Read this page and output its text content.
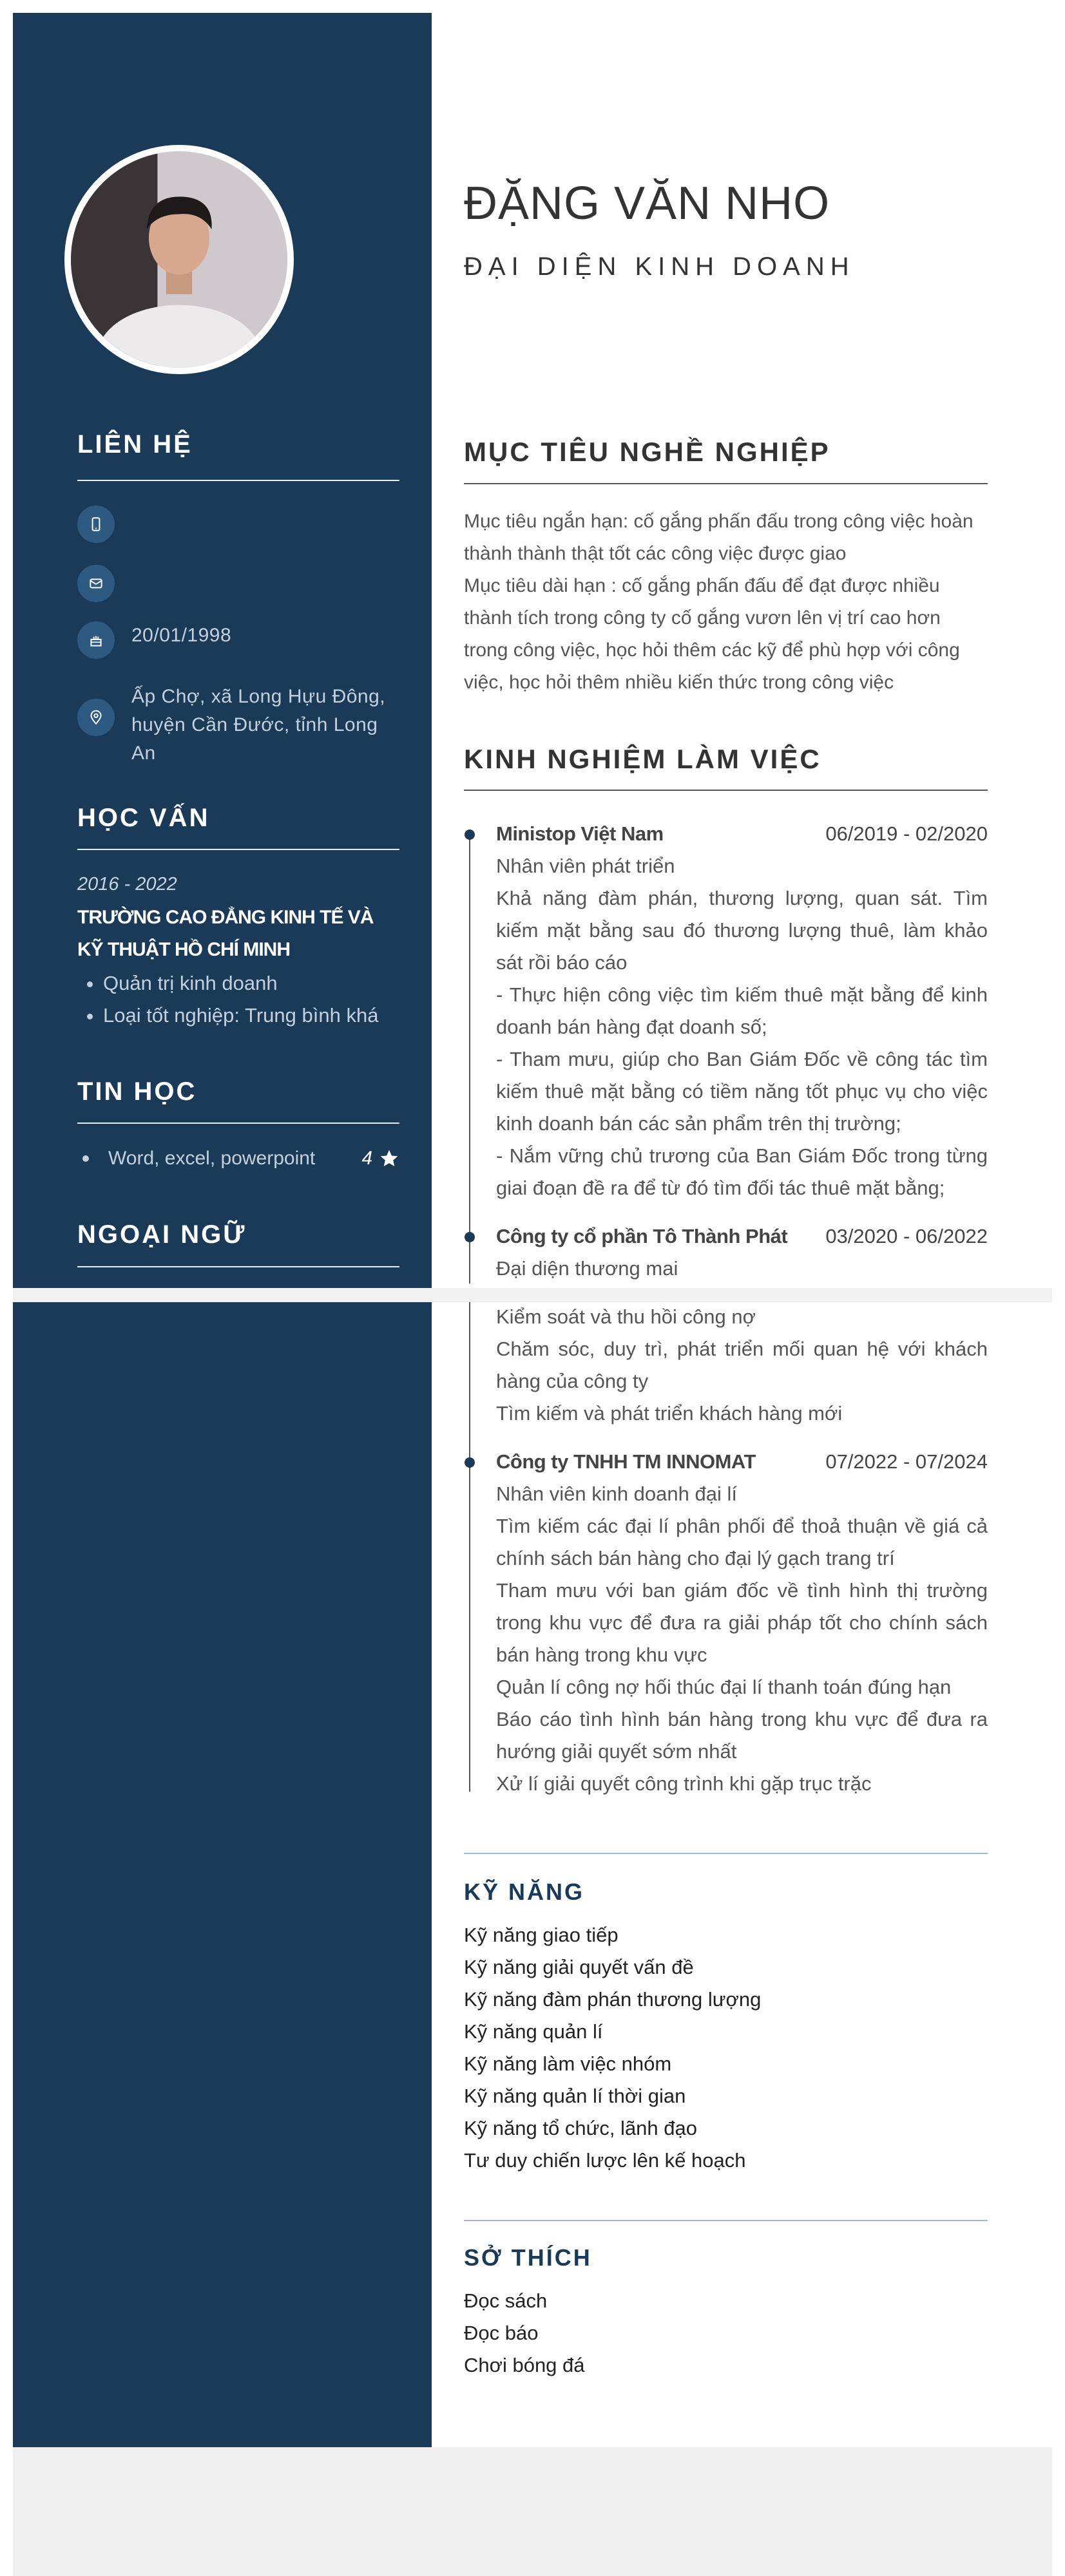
LIÊN HỆ
20/01/1998
Ấp Chợ, xã Long Hựu Đông, huyện Cần Đước, tỉnh Long An
HỌC VẤN
2016 - 2022
TRƯỜNG CAO ĐẲNG KINH TẾ VÀ KỸ THUẬT HỒ CHÍ MINH
• Quản trị kinh doanh
• Loại tốt nghiệp: Trung bình khá
TIN HỌC
Word, excel, powerpoint 4
NGOẠI NGỮ
ĐẶNG VĂN NHO
ĐẠI DIỆN KINH DOANH
MỤC TIÊU NGHỀ NGHIỆP
Mục tiêu ngắn hạn: cố gắng phấn đấu trong công việc hoàn thành thành thật tốt các công việc được giao
Mục tiêu dài hạn : cố gắng phấn đấu để đạt được nhiều thành tích trong công ty cố gắng vươn lên vị trí cao hơn trong công việc, học hỏi thêm các kỹ để phù hợp với công việc, học hỏi thêm nhiều kiến thức trong công việc
KINH NGHIỆM LÀM VIỆC
Ministop Việt Nam	06/2019 - 02/2020
Nhân viên phát triển
Khả năng đàm phán, thương lượng, quan sát. Tìm kiếm mặt bằng sau đó thương lượng thuê, làm khảo sát rồi báo cáo
- Thực hiện công việc tìm kiếm thuê mặt bằng để kinh doanh bán hàng đạt doanh số;
- Tham mưu, giúp cho Ban Giám Đốc về công tác tìm kiếm thuê mặt bằng có tiềm năng tốt phục vụ cho việc kinh doanh bán các sản phẩm trên thị trường;
- Nắm vững chủ trương của Ban Giám Đốc trong từng giai đoạn đề ra để từ đó tìm đối tác thuê mặt bằng;
Công ty cổ phần Tô Thành Phát 03/2020 - 06/2022
Đại diện thương mai
Kiểm soát và thu hồi công nợ
Chăm sóc, duy trì, phát triển mối quan hệ với khách hàng của công ty
Tìm kiếm và phát triển khách hàng mới
Công ty TNHH TM INNOMAT	07/2022 - 07/2024
Nhân viên kinh doanh đại lí
Tìm kiếm các đại lí phân phối để thoả thuận về giá cả chính sách bán hàng cho đại lý gạch trang trí
Tham mưu với ban giám đốc về tình hình thị trường trong khu vực để đưa ra giải pháp tốt cho chính sách bán hàng trong khu vực
Quản lí công nợ hối thúc đại lí thanh toán đúng hạn
Báo cáo tình hình bán hàng trong khu vực để đưa ra hướng giải quyết sớm nhất
Xử lí giải quyết công trình khi gặp trục trặc
KỸ NĂNG
Kỹ năng giao tiếp
Kỹ năng giải quyết vấn đề
Kỹ năng đàm phán thương lượng
Kỹ năng quản lí
Kỹ năng làm việc nhóm
Kỹ năng quản lí thời gian
Kỹ năng tổ chức, lãnh đạo
Tư duy chiến lược lên kế hoạch
SỞ THÍCH
Đọc sách
Đọc báo
Chơi bóng đá
